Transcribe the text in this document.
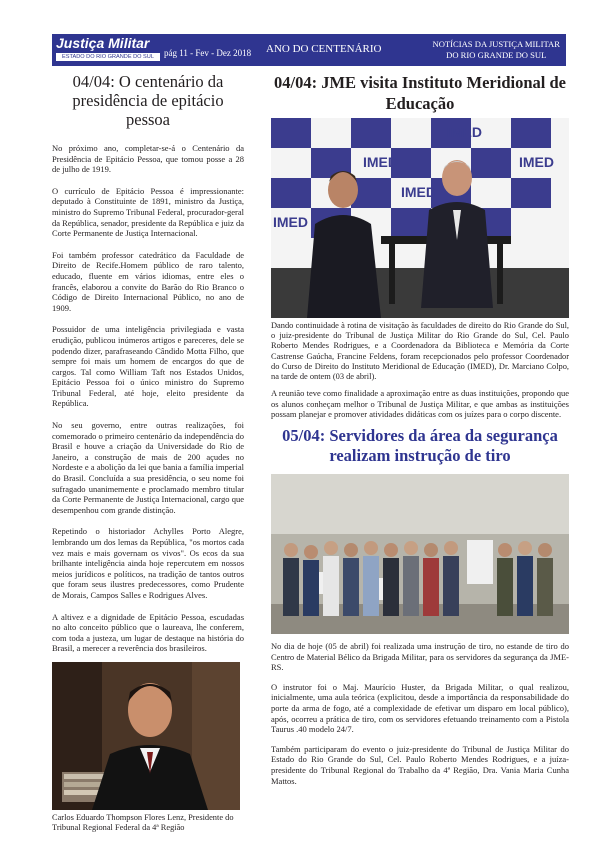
Justiça Militar
ESTADO DO RIO GRANDE DO SUL	pág 11 - Fev - Dez 2018 ANO DO CENTENÁRIO	NOTÍCIAS DA JUSTIÇA MILITAR
DO RIO GRANDE DO SUL
04/04: O centenário da presidência de epitácio pessoa

No próximo ano, completar-se-á o Centenário da Presidência de Epitácio Pessoa, que tomou posse a 28 de julho de 1919.

O currículo de Epitácio Pessoa é impressionante: deputado à Constituinte de 1891, ministro da Justiça, ministro do Supremo Tribunal Federal, procurador-geral da República, senador, presidente da República e juiz da Corte Permanente de Justiça Internacional.

Foi também professor catedrático da Faculdade de Direito de Recife.Homem público de raro talento, educado, fluente em vários idiomas, entre eles o francês, elaborou a convite do Barão do Rio Branco o Código de Direito Internacional Público, no ano de 1909.

Possuidor de uma inteligência privilegiada e vasta erudição, publicou inúmeros artigos e pareceres, dele se podendo dizer, parafraseando Cândido Motta Filho, que sempre foi mais um homem de encargos do que de cargos. Tal como William Taft nos Estados Unidos, Epitácio Pessoa foi o único ministro do Supremo Tribunal Federal, até hoje, eleito presidente da República.

No seu governo, entre outras realizações, foi comemorado o primeiro centenário da independência do Brasil e houve a criação da Universidade do Rio de Janeiro, a construção de mais de 200 açudes no Nordeste e a abolição da lei que bania a família imperial do Brasil. Concluída a sua presidência, o seu nome foi sufragado unanimemente e proclamado membro titular da Corte Permanente de Justiça Internacional, cargo que desempenhou com grande distinção.

Repetindo o historiador Achylles Porto Alegre, lembrando um dos lemas da República, "os mortos cada vez mais e mais governam os vivos". Os ecos da sua brilhante inteligência ainda hoje repercutem em nossos meios jurídicos e políticos, na tradição de tantos outros que foram seus ilustres predecessores, como Prudente de Morais, Campos Salles e Rodrigues Alves.

A altivez e a dignidade de Epitácio Pessoa, escudadas no alto conceito público que o laureava, lhe conferem, com toda a justeza, um lugar de destaque na história do Brasil, a merecer a reverência dos brasileiros.

Carlos Eduardo Thompson Flores Lenz, Presidente do Tribunal Regional Federal da 4ª Região
04/04: JME visita Instituto Meridional de Educação
IMED
IMED	IMED
IMED
IMED

Dando continuidade à rotina de visitação às faculdades de direito do Rio Grande do Sul, o juiz-presidente do Tribunal de Justiça Militar do Rio Grande do Sul, Cel. Paulo Roberto Mendes Rodrigues, e a Coordenadora da Biblioteca e Memória da Corte Castrense Gaúcha, Francine Feldens, foram recepcionados pelo professor Coordenador do Curso de Direito do Instituto Meridional de Educação (IMED), Dr. Marciano Colpo, na tarde de ontem (03 de abril).

A reunião teve como finalidade a aproximação entre as duas instituições, propondo que os alunos conheçam melhor o Tribunal de Justiça Militar, e que ambas as instituições possam planejar e promover atividades didáticas com os juízes para o corpo discente.

05/04: Servidores da área da segurança realizam instrução de tiro

No dia de hoje (05 de abril) foi realizada uma instrução de tiro, no estande de tiro do Centro de Material Bélico da Brigada Militar, para os servidores da segurança da JME-RS.

O instrutor foi o Maj. Maurício Huster, da Brigada Militar, o qual realizou, inicialmente, uma aula teórica (explicitou, desde a importância da responsabilidade do porte da arma de fogo, até a complexidade de efetivar um disparo em local público), após, ocorreu a prática de tiro, com os servidores efetuando treinamento com a Pistola Taurus .40 modelo 24/7.

Também participaram do evento o juiz-presidente do Tribunal de Justiça Militar do Estado do Rio Grande do Sul, Cel. Paulo Roberto Mendes Rodrigues, e a juíza-presidente do Tribunal Regional do Trabalho da 4ª Região, Dra. Vania Maria Cunha Mattos.
